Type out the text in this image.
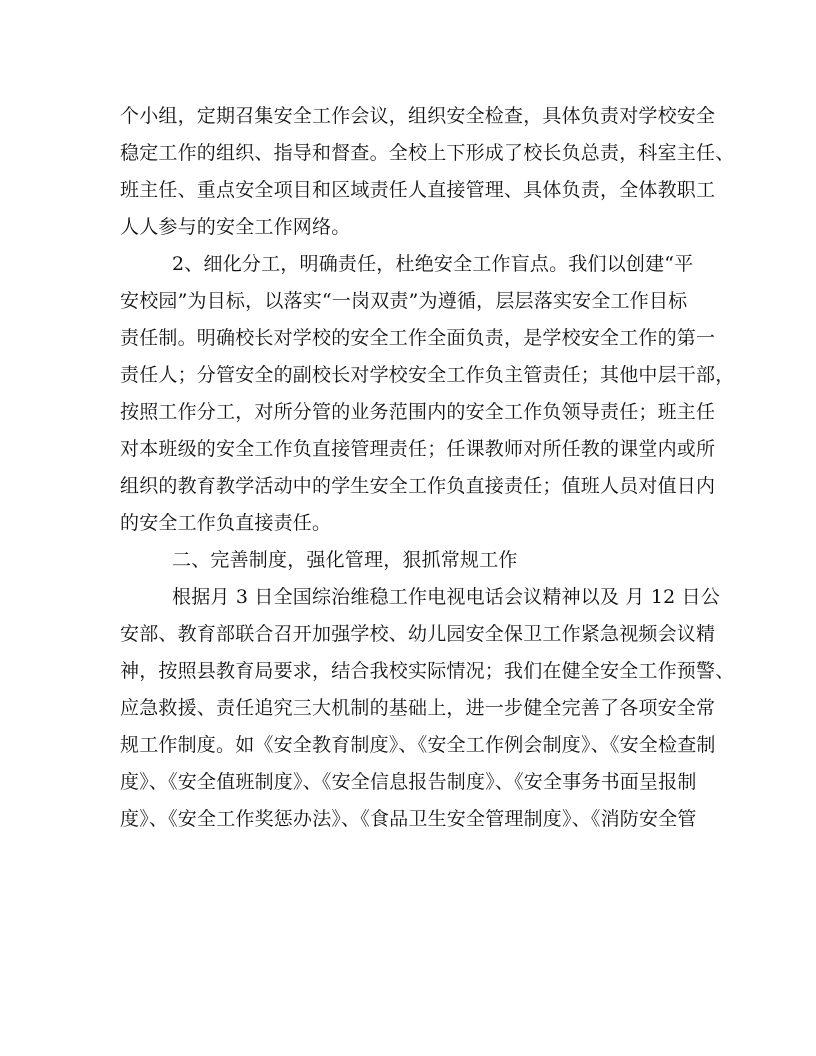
个小组，定期召集安全工作会议，组织安全检查，具体负责对学校安全
稳定工作的组织、指导和督查。全校上下形成了校长负总责，科室主任、
班主任、重点安全项目和区域责任人直接管理、具体负责，全体教职工
人人参与的安全工作网络。
2、细化分工，明确责任，杜绝安全工作盲点。我们以创建“平
安校园”为目标，以落实“一岗双责”为遵循，层层落实安全工作目标
责任制。明确校长对学校的安全工作全面负责，是学校安全工作的第一
责任人；分管安全的副校长对学校安全工作负主管责任；其他中层干部，
按照工作分工，对所分管的业务范围内的安全工作负领导责任；班主任
对本班级的安全工作负直接管理责任；任课教师对所任教的课堂内或所
组织的教育教学活动中的学生安全工作负直接责任；值班人员对值日内
的安全工作负直接责任。
二、完善制度，强化管理，狠抓常规工作
根据月 3 日全国综治维稳工作电视电话会议精神以及 月 12 日公
安部、教育部联合召开加强学校、幼儿园安全保卫工作紧急视频会议精
神，按照县教育局要求，结合我校实际情况；我们在健全安全工作预警、
应急救援、责任追究三大机制的基础上，进一步健全完善了各项安全常
规工作制度。如《安全教育制度》、《安全工作例会制度》、《安全检查制
度》、《安全值班制度》、《安全信息报告制度》、《安全事务书面呈报制
度》、《安全工作奖惩办法》、《食品卫生安全管理制度》、《消防安全管
